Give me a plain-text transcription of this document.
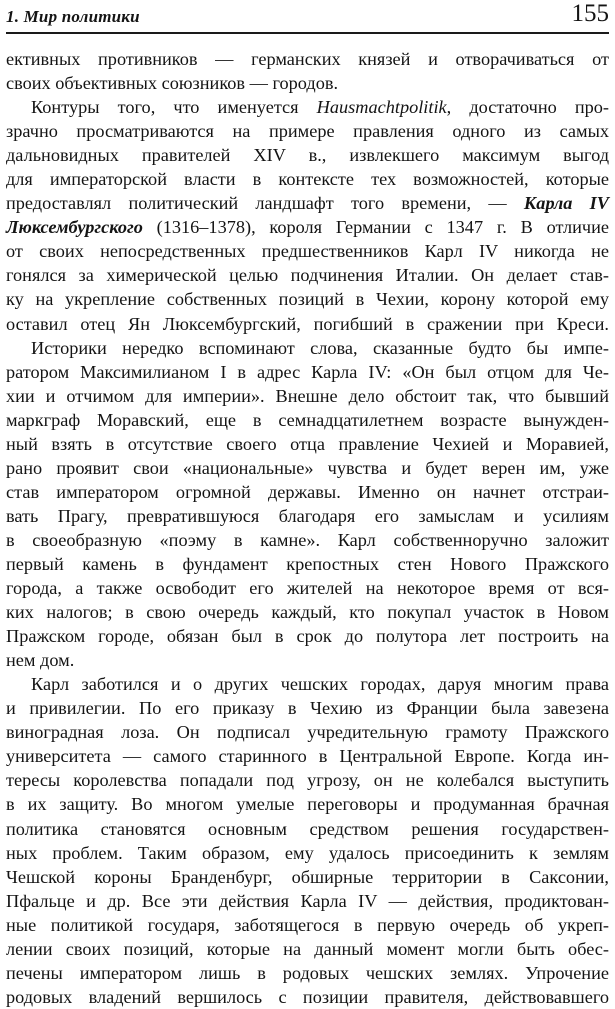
1. Мир политики	155
ективных противников — германских князей и отворачиваться от
своих объективных союзников — городов.
Контуры того, что именуется Hausmachtpolitik, достаточно про-
зрачно просматриваются на примере правления одного из самых
дальновидных правителей XIV в., извлекшего максимум выгод
для императорской власти в контексте тех возможностей, которые
предоставлял политический ландшафт того времени, — Карла IV
Люксембургского (1316–1378), короля Германии с 1347 г. В отличие
от своих непосредственных предшественников Карл IV никогда не
гонялся за химерической целью подчинения Италии. Он делает став-
ку на укрепление собственных позиций в Чехии, корону которой ему
оставил отец Ян Люксембургский, погибший в сражении при Креси.
Историки нередко вспоминают слова, сказанные будто бы импе-
ратором Максимилианом I в адрес Карла IV: «Он был отцом для Че-
хии и отчимом для империи». Внешне дело обстоит так, что бывший
маркграф Моравский, еще в семнадцатилетнем возрасте вынужден-
ный взять в отсутствие своего отца правление Чехией и Моравией,
рано проявит свои «национальные» чувства и будет верен им, уже
став императором огромной державы. Именно он начнет отстраи-
вать Прагу, превратившуюся благодаря его замыслам и усилиям
в своеобразную «поэму в камне». Карл собственноручно заложит
первый камень в фундамент крепостных стен Нового Пражского
города, а также освободит его жителей на некоторое время от вся-
ких налогов; в свою очередь каждый, кто покупал участок в Новом
Пражском городе, обязан был в срок до полутора лет построить на
нем дом.
Карл заботился и о других чешских городах, даруя многим права
и привилегии. По его приказу в Чехию из Франции была завезена
виноградная лоза. Он подписал учредительную грамоту Пражского
университета — самого старинного в Центральной Европе. Когда ин-
тересы королевства попадали под угрозу, он не колебался выступить
в их защиту. Во многом умелые переговоры и продуманная брачная
политика становятся основным средством решения государствен-
ных проблем. Таким образом, ему удалось присоединить к землям
Чешской короны Бранденбург, обширные территории в Саксонии,
Пфальце и др. Все эти действия Карла IV — действия, продиктован-
ные политикой государя, заботящегося в первую очередь об укреп-
лении своих позиций, которые на данный момент могли быть обес-
печены императором лишь в родовых чешских землях. Упрочение
родовых владений вершилось с позиции правителя, действовавшего
